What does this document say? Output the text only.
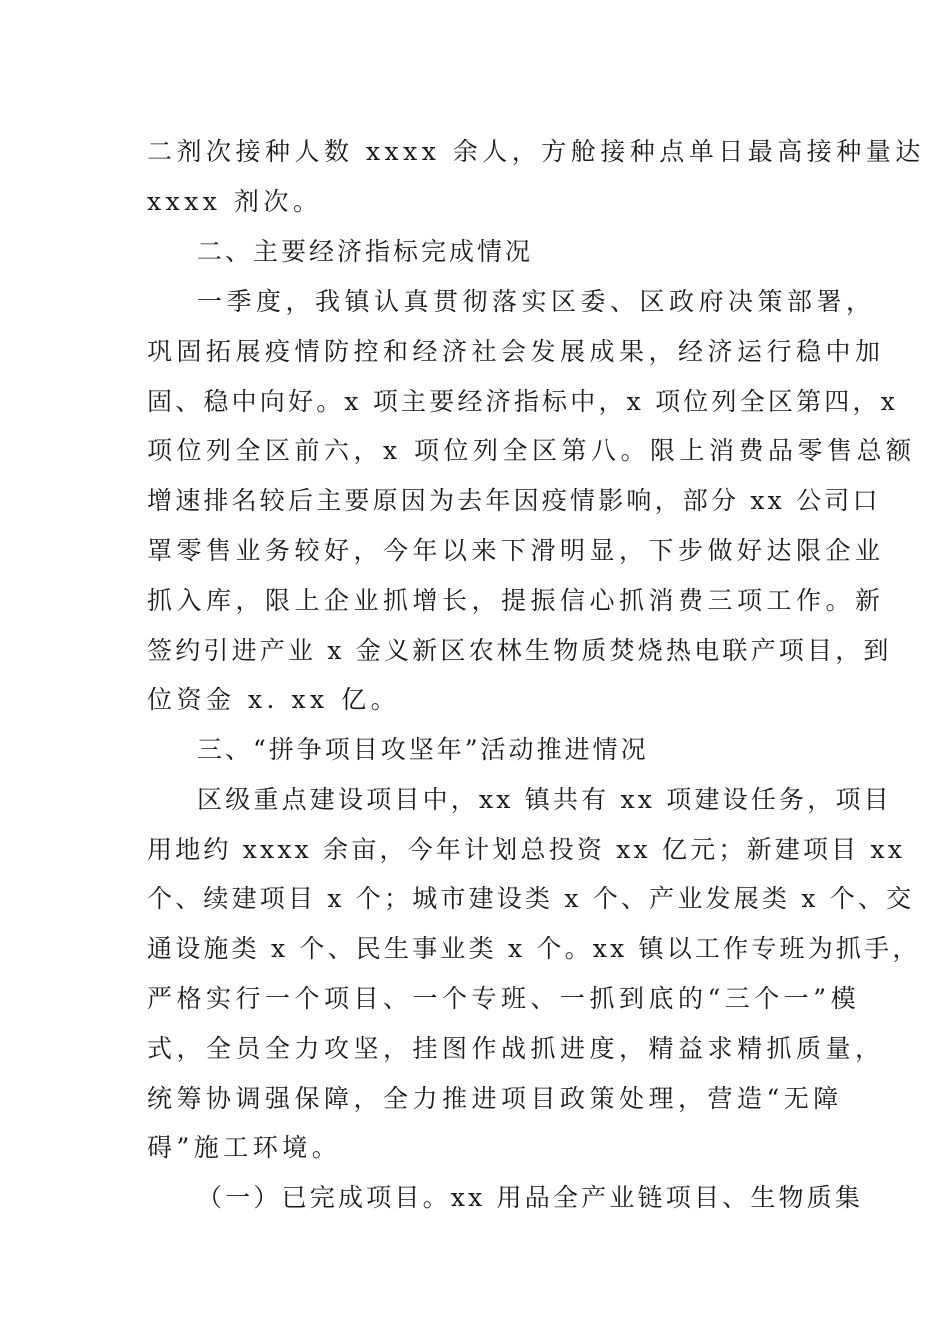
二剂次接种人数 xxxx 余人，方舱接种点单日最高接种量达
xxxx 剂次。
二、主要经济指标完成情况
一季度，我镇认真贯彻落实区委、区政府决策部署，
巩固拓展疫情防控和经济社会发展成果，经济运行稳中加
固、稳中向好。x 项主要经济指标中，x 项位列全区第四，x
项位列全区前六，x 项位列全区第八。限上消费品零售总额
增速排名较后主要原因为去年因疫情影响，部分 xx 公司口
罩零售业务较好，今年以来下滑明显，下步做好达限企业
抓入库，限上企业抓增长，提振信心抓消费三项工作。新
签约引进产业 x 金义新区农林生物质焚烧热电联产项目，到
位资金 x. xx 亿。
三、“拼争项目攻坚年”活动推进情况
区级重点建设项目中，xx 镇共有 xx 项建设任务，项目
用地约 xxxx 余亩，今年计划总投资 xx 亿元；新建项目 xx
个、续建项目 x 个；城市建设类 x 个、产业发展类 x 个、交
通设施类 x 个、民生事业类 x 个。xx 镇以工作专班为抓手，
严格实行一个项目、一个专班、一抓到底的“三个一”模
式，全员全力攻坚，挂图作战抓进度，精益求精抓质量，
统筹协调强保障，全力推进项目政策处理，营造“无障
碍”施工环境。
（一）已完成项目。xx 用品全产业链项目、生物质集
